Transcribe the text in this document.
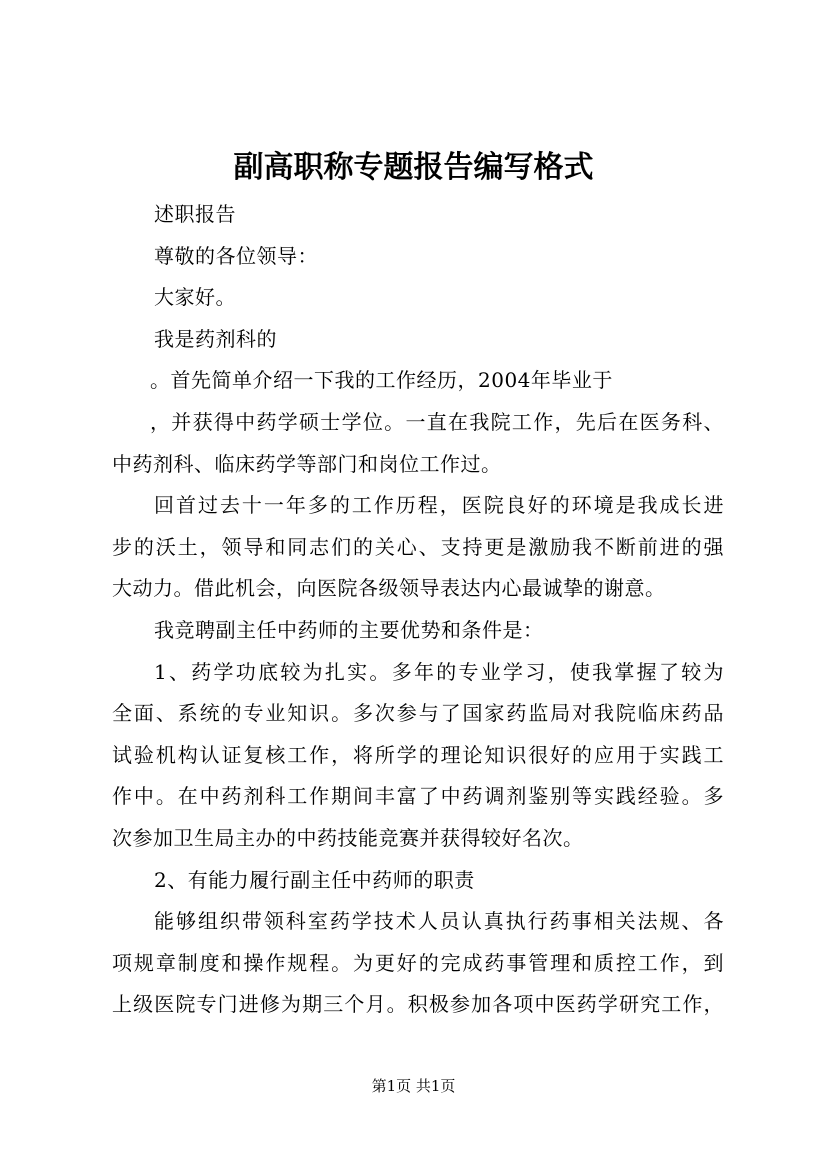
副高职称专题报告编写格式
述职报告
尊敬的各位领导：
大家好。
我是药剂科的
。首先简单介绍一下我的工作经历，2004年毕业于
，并获得中药学硕士学位。一直在我院工作，先后在医务科、
中药剂科、临床药学等部门和岗位工作过。
回首过去十一年多的工作历程，医院良好的环境是我成长进
步的沃土，领导和同志们的关心、支持更是激励我不断前进的强
大动力。借此机会，向医院各级领导表达内心最诚挚的谢意。
我竞聘副主任中药师的主要优势和条件是：
1、药学功底较为扎实。多年的专业学习，使我掌握了较为
全面、系统的专业知识。多次参与了国家药监局对我院临床药品
试验机构认证复核工作，将所学的理论知识很好的应用于实践工
作中。在中药剂科工作期间丰富了中药调剂鉴别等实践经验。多
次参加卫生局主办的中药技能竞赛并获得较好名次。
2、有能力履行副主任中药师的职责
能够组织带领科室药学技术人员认真执行药事相关法规、各
项规章制度和操作规程。为更好的完成药事管理和质控工作，到
上级医院专门进修为期三个月。积极参加各项中医药学研究工作，
第1页 共1页
